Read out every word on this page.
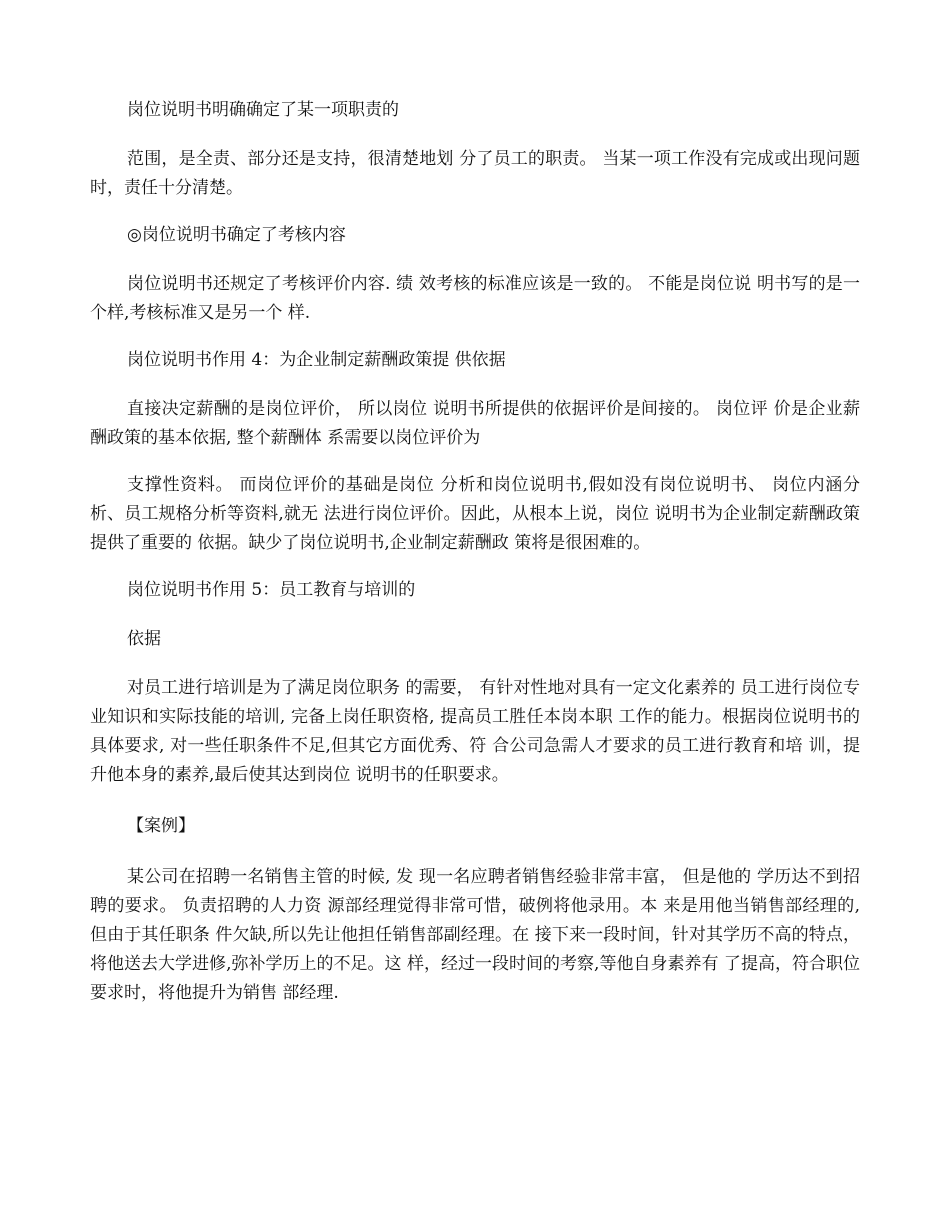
岗位说明书明确确定了某一项职责的

范围，是全责、部分还是支持，很清楚地划 分了员工的职责。 当某一项工作没有完成或出现问题时，责任十分清楚。

◎岗位说明书确定了考核内容

岗位说明书还规定了考核评价内容. 绩 效考核的标准应该是一致的。 不能是岗位说 明书写的是一个样,考核标准又是另一个 样.

岗位说明书作用 4：为企业制定薪酬政策提 供依据

直接决定薪酬的是岗位评价， 所以岗位 说明书所提供的依据评价是间接的。 岗位评 价是企业薪酬政策的基本依据, 整个薪酬体 系需要以岗位评价为

支撑性资料。 而岗位评价的基础是岗位 分析和岗位说明书,假如没有岗位说明书、 岗位内涵分析、员工规格分析等资料,就无 法进行岗位评价。因此，从根本上说，岗位 说明书为企业制定薪酬政策提供了重要的 依据。缺少了岗位说明书,企业制定薪酬政 策将是很困难的。

岗位说明书作用 5：员工教育与培训的

依据

对员工进行培训是为了满足岗位职务 的需要， 有针对性地对具有一定文化素养的 员工进行岗位专业知识和实际技能的培训, 完备上岗任职资格, 提高员工胜任本岗本职 工作的能力。根据岗位说明书的具体要求, 对一些任职条件不足,但其它方面优秀、符 合公司急需人才要求的员工进行教育和培 训，提升他本身的素养,最后使其达到岗位 说明书的任职要求。

【案例】

某公司在招聘一名销售主管的时候, 发 现一名应聘者销售经验非常丰富， 但是他的 学历达不到招聘的要求。 负责招聘的人力资 源部经理觉得非常可惜，破例将他录用。本 来是用他当销售部经理的, 但由于其任职条 件欠缺,所以先让他担任销售部副经理。在 接下来一段时间，针对其学历不高的特点， 将他送去大学进修,弥补学历上的不足。这 样，经过一段时间的考察,等他自身素养有 了提高，符合职位要求时，将他提升为销售 部经理.
